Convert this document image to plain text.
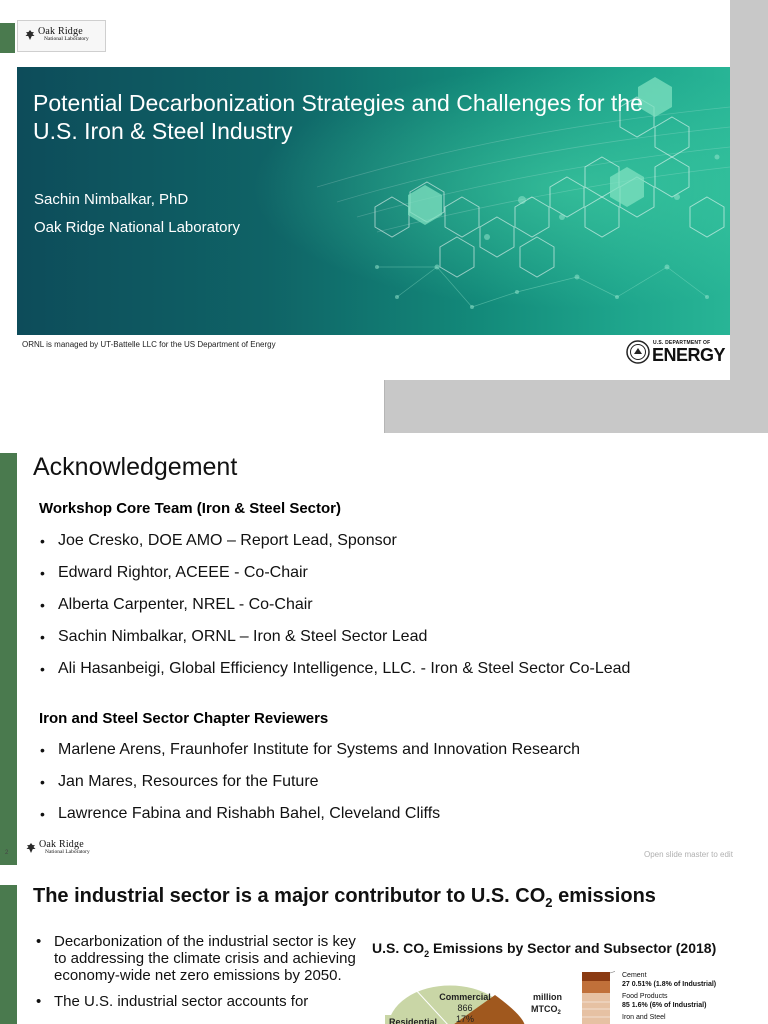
Oak Ridge
National Laboratory
Potential Decarbonization Strategies and Challenges for the U.S. Iron & Steel Industry
Sachin Nimbalkar, PhD
Oak Ridge National Laboratory
ORNL is managed by UT-Battelle LLC for the US Department of Energy	U.S. DEPARTMENT OF
ENERGY
Acknowledgement
Workshop Core Team (Iron & Steel Sector)
• Joe Cresko, DOE AMO – Report Lead, Sponsor
• Edward Rightor, ACEEE - Co-Chair
• Alberta Carpenter, NREL - Co-Chair
• Sachin Nimbalkar, ORNL – Iron & Steel Sector Lead
• Ali Hasanbeigi, Global Efficiency Intelligence, LLC. - Iron & Steel Sector Co-Lead
Iron and Steel Sector Chapter Reviewers
• Marlene Arens, Fraunhofer Institute for Systems and Innovation Research
• Jan Mares, Resources for the Future
• Lawrence Fabina and Rishabh Bahel, Cleveland Cliffs
2
Oak Ridge
National Laboratory	Open slide master to edit
The industrial sector is a major contributor to U.S. $CO_2$ emissions
• Decarbonization of the industrial sector is key to addressing the climate crisis and achieving economy-wide net zero emissions by 2050.
• The U.S. industrial sector accounts for
U.S. $CO_2$ Emissions by Sector and Subsector (2018)
Commercial
866
17%
Residential
million
$MTCO_2$
Cement
27 0.51% (1.8% of Industrial)
Food Products
85 1.6% (6% of Industrial)
Iron and Steel
